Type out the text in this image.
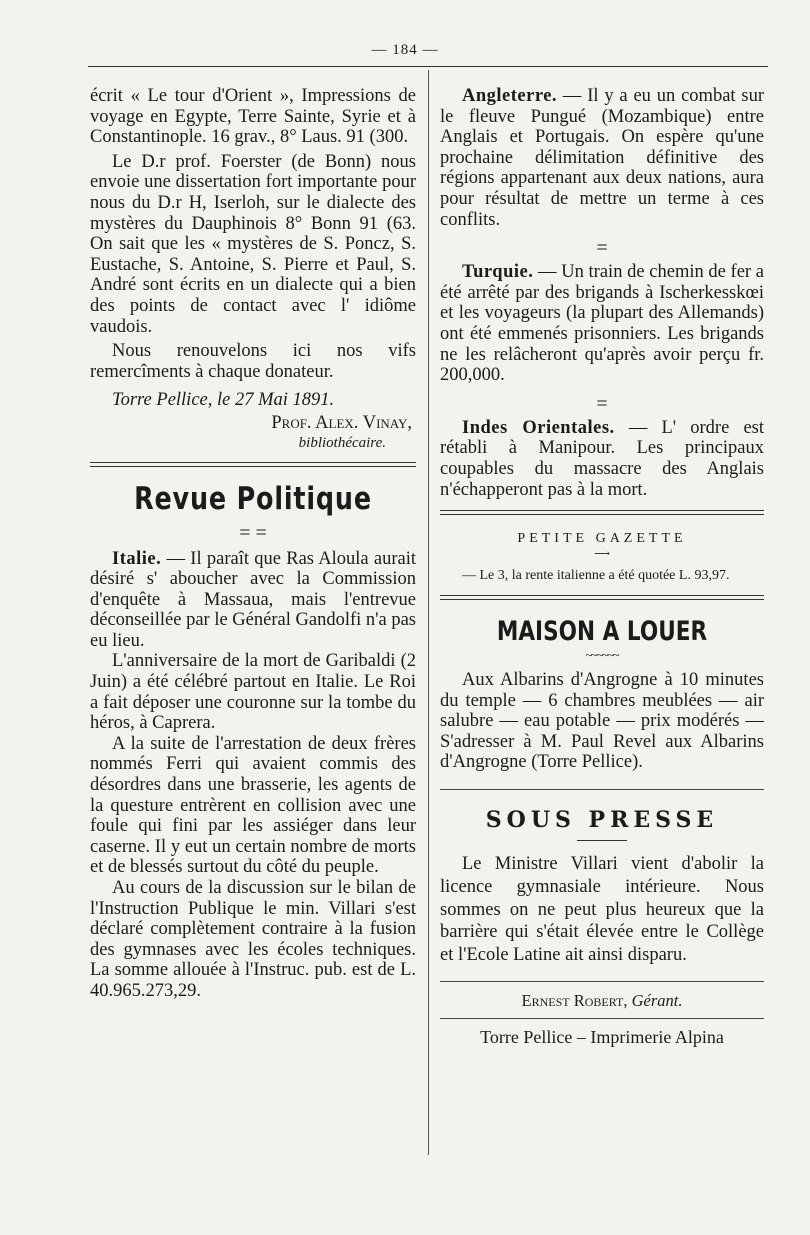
— 184 —

écrit « Le tour d'Orient », Impressions de voyage en Egypte, Terre Sainte, Syrie et à Constantinople. 16 grav., 8° Laus. 91 (300.

Le D.r prof. Foerster (de Bonn) nous envoie une dissertation fort importante pour nous du D.r H, Iserloh, sur le dialecte des mystères du Dauphinois 8° Bonn 91 (63. On sait que les « mystères de S. Poncz, S. Eustache, S. Antoine, S. Pierre et Paul, S. André sont écrits en un dialecte qui a bien des points de contact avec l' idiôme vaudois.

Nous renouvelons ici nos vifs remercîments à chaque donateur.

Torre Pellice, le 27 Mai 1891.

Prof. Alex. Vinay,

bibliothécaire.

Revue Politique
= =

Italie. — Il paraît que Ras Aloula aurait désiré s' aboucher avec la Commission d'enquête à Massaua, mais l'entrevue déconseillée par le Général Gandolfi n'a pas eu lieu.

L'anniversaire de la mort de Garibaldi (2 Juin) a été célébré partout en Italie. Le Roi a fait déposer une couronne sur la tombe du héros, à Caprera.

A la suite de l'arrestation de deux frères nommés Ferri qui avaient commis des désordres dans une brasserie, les agents de la questure entrèrent en collision avec une foule qui fini par les assiéger dans leur caserne. Il y eut un certain nombre de morts et de blessés surtout du côté du peuple.

Au cours de la discussion sur le bilan de l'Instruction Publique le min. Villari s'est déclaré complètement contraire à la fusion des gymnases avec les écoles techniques. La somme allouée à l'Instruc. pub. est de L. 40.965.273,29.

Angleterre. — Il y a eu un combat sur le fleuve Pungué (Mozambique) entre Anglais et Portugais. On espère qu'une prochaine délimitation définitive des régions appartenant aux deux nations, aura pour résultat de mettre un terme à ces conflits.

=

Turquie. — Un train de chemin de fer a été arrêté par des brigands à Ischerkesskœi et les voyageurs (la plupart des Allemands) ont été emmenés prisonniers. Les brigands ne les relâcheront qu'après avoir perçu fr. 200,000.

=

Indes Orientales. — L' ordre est rétabli à Manipour. Les principaux coupables du massacre des Anglais n'échapperont pas à la mort.

PETITE GAZETTE
⟶

— Le 3, la rente italienne a été quotée L. 93,97.

MAISON A LOUER
~~~~~~

Aux Albarins d'Angrogne à 10 minutes du temple — 6 chambres meublées — air salubre — eau potable — prix modérés — S'adresser à M. Paul Revel aux Albarins d'Angrogne (Torre Pellice).

SOUS PRESSE

Le Ministre Villari vient d'abolir la licence gymnasiale intérieure. Nous sommes on ne peut plus heureux que la barrière qui s'était élevée entre le Collège et l'Ecole Latine ait ainsi disparu.

Ernest Robert, Gérant.
Torre Pellice – Imprimerie Alpina
